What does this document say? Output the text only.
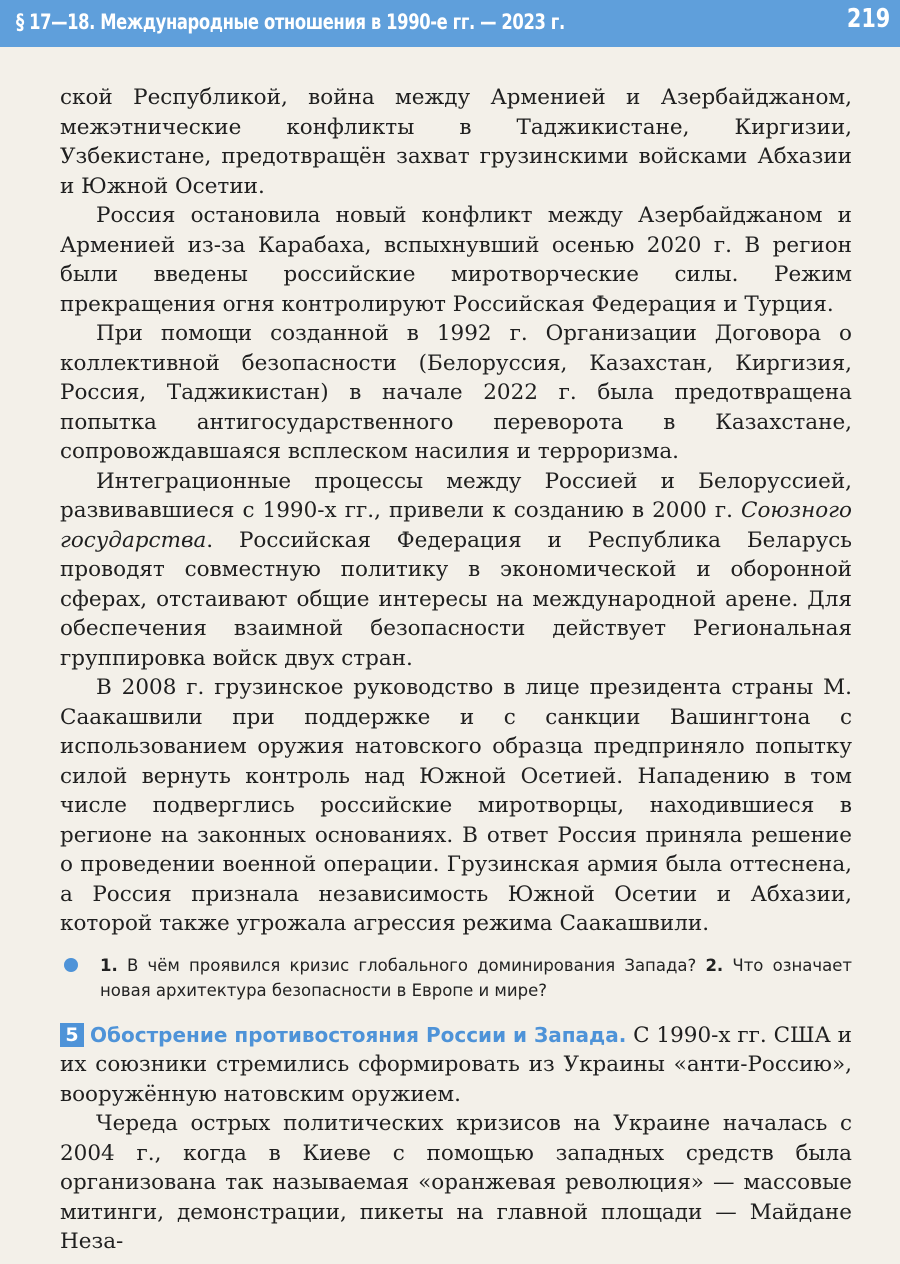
§ 17—18. Международные отношения в 1990-е гг. — 2023 г.	219

ской Республикой, война между Арменией и Азербайджаном, межэтнические конфликты в Таджикистане, Киргизии, Узбекистане, предотвращён захват грузинскими войсками Абхазии и Южной Осетии.

Россия остановила новый конфликт между Азербайджаном и Арменией из-за Карабаха, вспыхнувший осенью 2020 г. В регион были введены российские миротворческие силы. Режим прекращения огня контролируют Российская Федерация и Турция.

При помощи созданной в 1992 г. Организации Договора о коллективной безопасности (Белоруссия, Казахстан, Киргизия, Россия, Таджикистан) в начале 2022 г. была предотвращена попытка антигосударственного переворота в Казахстане, сопровождавшаяся всплеском насилия и терроризма.

Интеграционные процессы между Россией и Белоруссией, развивавшиеся с 1990-х гг., привели к созданию в 2000 г. Союзного государства. Российская Федерация и Республика Беларусь проводят совместную политику в экономической и оборонной сферах, отстаивают общие интересы на международной арене. Для обеспечения взаимной безопасности действует Региональная группировка войск двух стран.

В 2008 г. грузинское руководство в лице президента страны М. Саакашвили при поддержке и с санкции Вашингтона с использованием оружия натовского образца предприняло попытку силой вернуть контроль над Южной Осетией. Нападению в том числе подверглись российские миротворцы, находившиеся в регионе на законных основаниях. В ответ Россия приняла решение о проведении военной операции. Грузинская армия была оттеснена, а Россия признала независимость Южной Осетии и Абхазии, которой также угрожала агрессия режима Саакашвили.

1. В чём проявился кризис глобального доминирования Запада? 2. Что означает новая архитектура безопасности в Европе и мире?

5 Обострение противостояния России и Запада. С 1990-х гг. США и их союзники стремились сформировать из Украины «анти-Россию», вооружённую натовским оружием.

Череда острых политических кризисов на Украине началась с 2004 г., когда в Киеве с помощью западных средств была организована так называемая «оранжевая революция» — массовые митинги, демонстрации, пикеты на главной площади — Майдане Неза-
